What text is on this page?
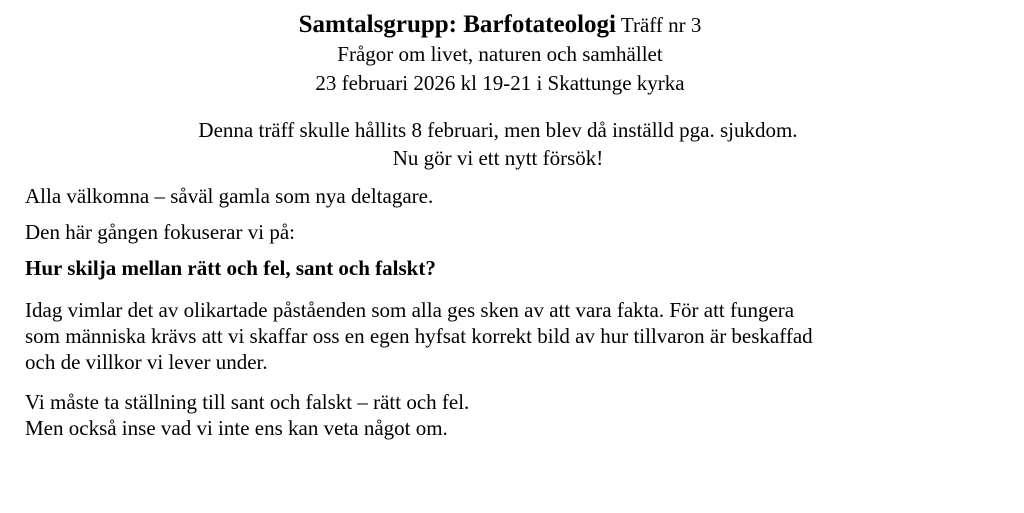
Samtalsgrupp: Barfotateologi Träff nr 3
Frågor om livet, naturen och samhället
23 februari 2026 kl 19-21 i Skattunge kyrka
Denna träff skulle hållits 8 februari, men blev då inställd pga. sjukdom.
Nu gör vi ett nytt försök!

Alla välkomna – såväl gamla som nya deltagare.

Den här gången fokuserar vi på:

Hur skilja mellan rätt och fel, sant och falskt?

Idag vimlar det av olikartade påståenden som alla ges sken av att vara fakta. För att fungera

som människa krävs att vi skaffar oss en egen hyfsat korrekt bild av hur tillvaron är beskaffad

och de villkor vi lever under.

Vi måste ta ställning till sant och falskt – rätt och fel.

Men också inse vad vi inte ens kan veta något om.
